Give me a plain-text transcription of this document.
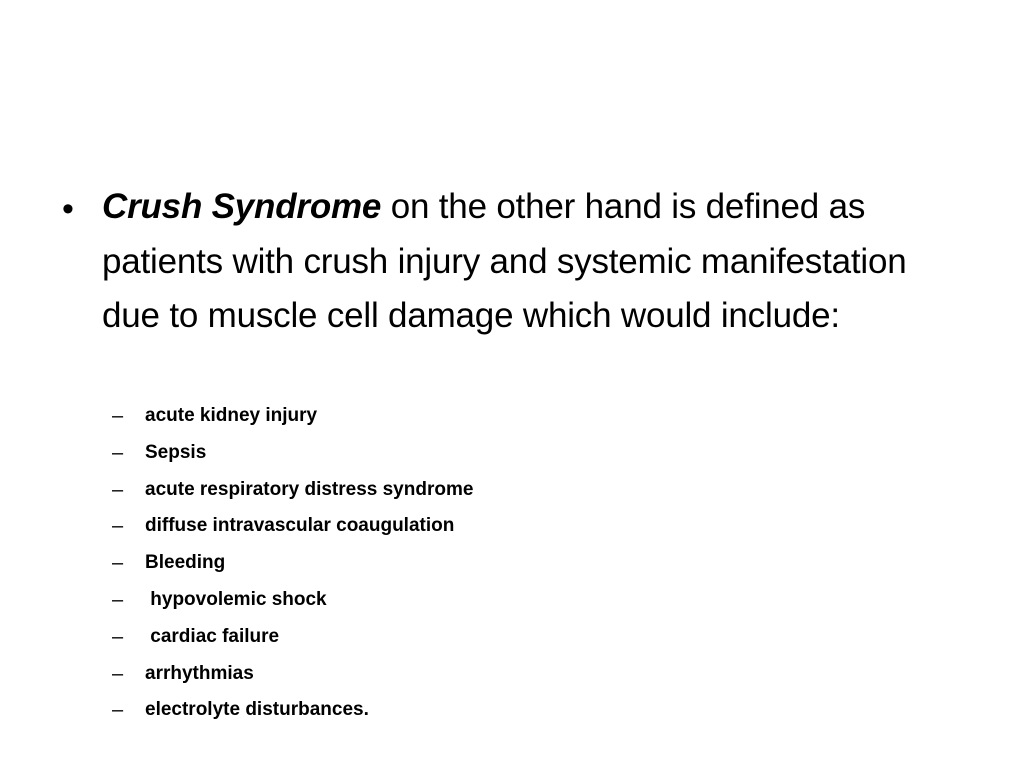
• Crush Syndrome on the other hand is defined as patients with crush injury and systemic manifestation due to muscle cell damage which would include:
– acute kidney injury
– Sepsis
– acute respiratory distress syndrome
– diffuse intravascular coaugulation
– Bleeding
– hypovolemic shock
– cardiac failure
– arrhythmias
– electrolyte disturbances.
